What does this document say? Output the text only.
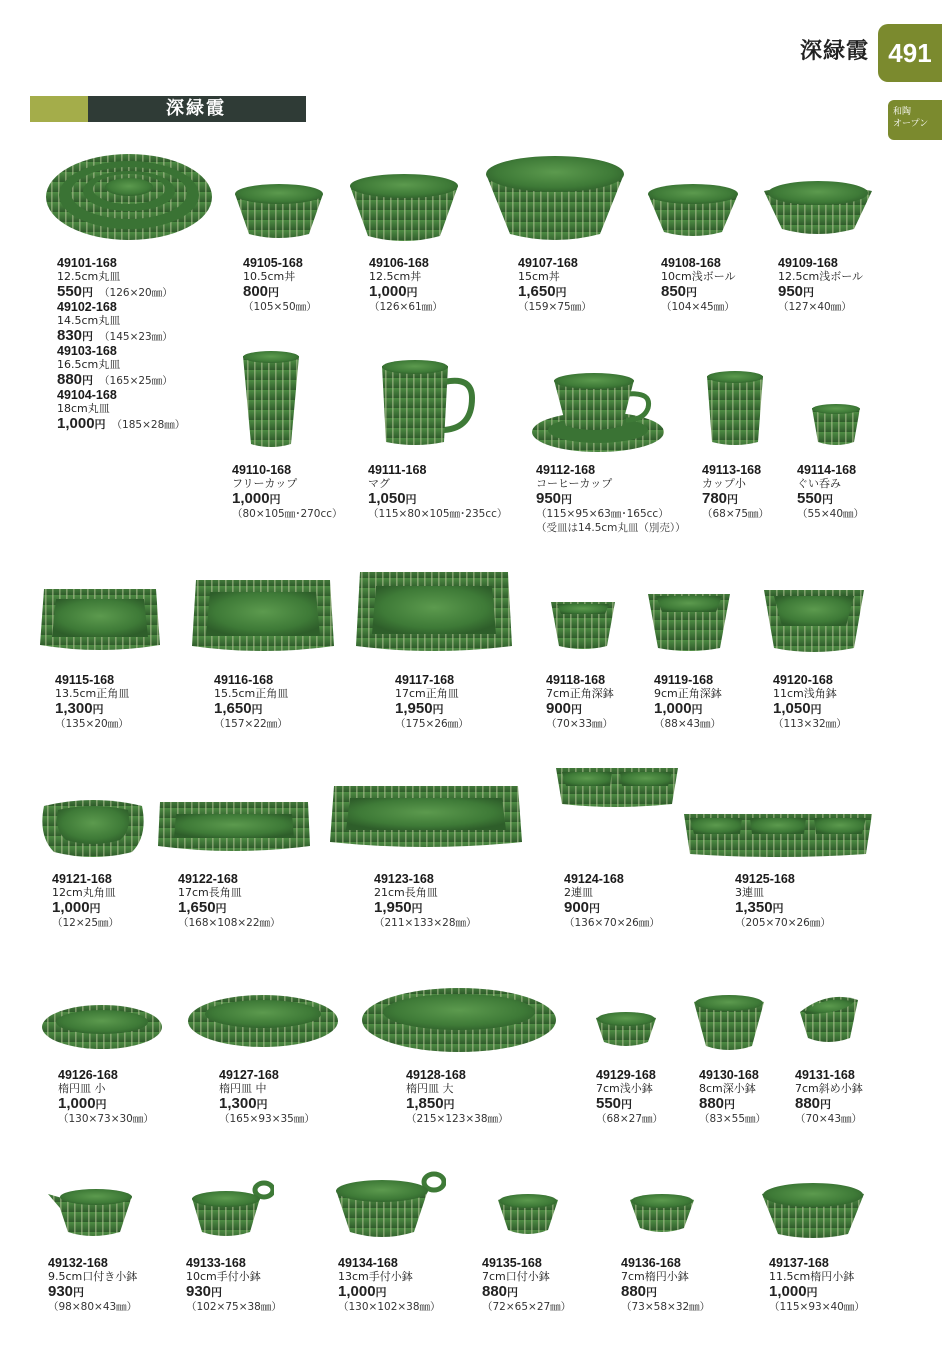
深緑霞 491
和陶
オープン
深緑霞
49101-168
12.5cm丸皿
550円 （126×20㎜）
49102-168
14.5cm丸皿
830円 （145×23㎜）
49103-168
16.5cm丸皿
880円 （165×25㎜）
49104-168
18cm丸皿
1,000円 （185×28㎜）
49105-168
10.5cm丼
800円
（105×50㎜）
49106-168
12.5cm丼
1,000円
（126×61㎜）
49107-168
15cm丼
1,650円
（159×75㎜）
49108-168
10cm浅ボール
850円
（104×45㎜）
49109-168
12.5cm浅ボール
950円
（127×40㎜）
49110-168
フリーカップ
1,000円
（80×105㎜･270cc）
49111-168
マグ
1,050円
（115×80×105㎜･235cc）
49112-168
コーヒーカップ
950円
（115×95×63㎜･165cc）
（受皿は14.5cm丸皿（別売））
49113-168
カップ小
780円
（68×75㎜）
49114-168
ぐい呑み
550円
（55×40㎜）
49115-168
13.5cm正角皿
1,300円
（135×20㎜）
49116-168
15.5cm正角皿
1,650円
（157×22㎜）
49117-168
17cm正角皿
1,950円
（175×26㎜）
49118-168
7cm正角深鉢
900円
（70×33㎜）
49119-168
9cm正角深鉢
1,000円
（88×43㎜）
49120-168
11cm浅角鉢
1,050円
（113×32㎜）
49121-168
12cm丸角皿
1,000円
（12×25㎜）
49122-168
17cm長角皿
1,650円
（168×108×22㎜）
49123-168
21cm長角皿
1,950円
（211×133×28㎜）
49124-168
2連皿
900円
（136×70×26㎜）
49125-168
3連皿
1,350円
（205×70×26㎜）
49126-168
楕円皿 小
1,000円
（130×73×30㎜）
49127-168
楕円皿 中
1,300円
（165×93×35㎜）
49128-168
楕円皿 大
1,850円
（215×123×38㎜）
49129-168
7cm浅小鉢
550円
（68×27㎜）
49130-168
8cm深小鉢
880円
（83×55㎜）
49131-168
7cm斜め小鉢
880円
（70×43㎜）
49132-168
9.5cm口付き小鉢
930円
（98×80×43㎜）
49133-168
10cm手付小鉢
930円
（102×75×38㎜）
49134-168
13cm手付小鉢
1,000円
（130×102×38㎜）
49135-168
7cm口付小鉢
880円
（72×65×27㎜）
49136-168
7cm楕円小鉢
880円
（73×58×32㎜）
49137-168
11.5cm楕円小鉢
1,000円
（115×93×40㎜）
